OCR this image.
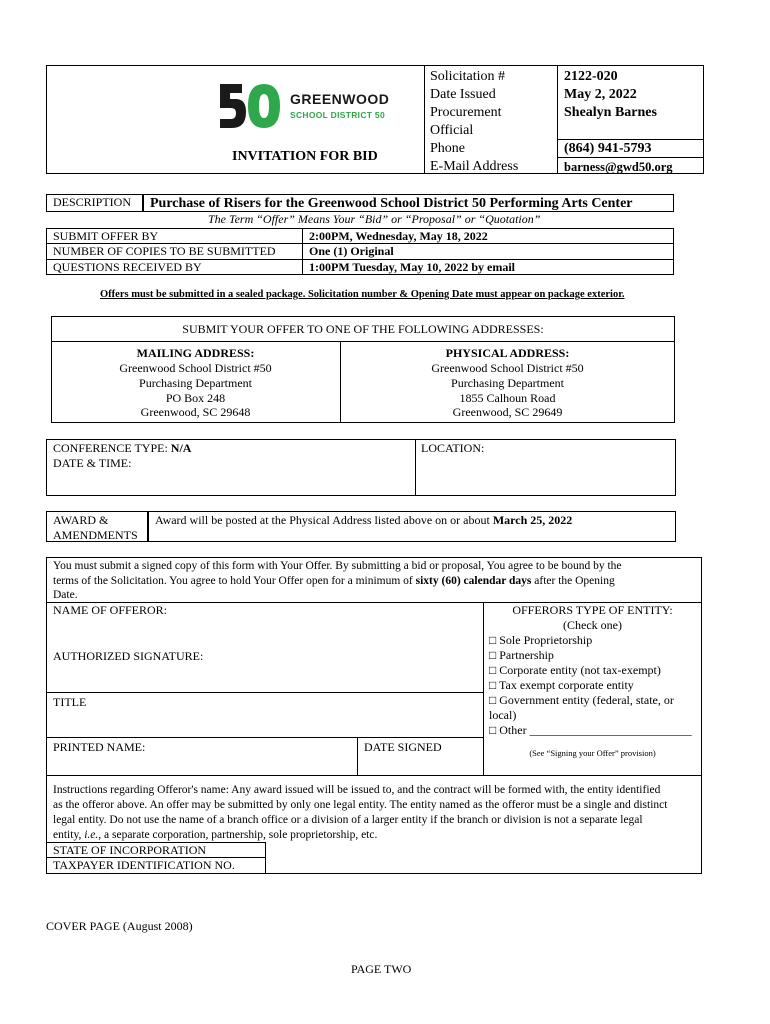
GREENWOOD
SCHOOL DISTRICT 50
INVITATION FOR BID
Solicitation #
Date Issued
Procurement
Official
Phone
E-Mail Address
2122-020
May 2, 2022
Shealyn Barnes
(864) 941-5793
barness@gwd50.org
DESCRIPTION Purchase of Risers for the Greenwood School District 50 Performing Arts Center
The Term “Offer” Means Your “Bid” or “Proposal” or “Quotation”
SUBMIT OFFER BY
NUMBER OF COPIES TO BE SUBMITTED
QUESTIONS RECEIVED BY
2:00PM, Wednesday, May 18, 2022
One (1) Original
1:00PM Tuesday, May 10, 2022 by email
Offers must be submitted in a sealed package. Solicitation number & Opening Date must appear on package exterior.
SUBMIT YOUR OFFER TO ONE OF THE FOLLOWING ADDRESSES:
MAILING ADDRESS:
Greenwood School District #50
Purchasing Department
PO Box 248
Greenwood, SC 29648
PHYSICAL ADDRESS:
Greenwood School District #50
Purchasing Department
1855 Calhoun Road
Greenwood, SC 29649
CONFERENCE TYPE: N/A
DATE & TIME:
LOCATION:
AWARD &
AMENDMENTS
Award will be posted at the Physical Address listed above on or about March 25, 2022
You must submit a signed copy of this form with Your Offer. By submitting a bid or proposal, You agree to be bound by the
terms of the Solicitation. You agree to hold Your Offer open for a minimum of sixty (60) calendar days after the Opening
Date.
NAME OF OFFEROR:
AUTHORIZED SIGNATURE:
TITLE
PRINTED NAME:	DATE SIGNED
OFFERORS TYPE OF ENTITY:
(Check one)
□ Sole Proprietorship
□ Partnership
□ Corporate entity (not tax-exempt)
□ Tax exempt corporate entity
□ Government entity (federal, state, or
local)
□ Other ___________________________
(See “Signing your Offer” provision)
Instructions regarding Offeror's name: Any award issued will be issued to, and the contract will be formed with, the entity identified
as the offeror above. An offer may be submitted by only one legal entity. The entity named as the offeror must be a single and distinct
legal entity. Do not use the name of a branch office or a division of a larger entity if the branch or division is not a separate legal
entity, i.e., a separate corporation, partnership, sole proprietorship, etc.
STATE OF INCORPORATION
TAXPAYER IDENTIFICATION NO.
COVER PAGE (August 2008)
PAGE TWO
